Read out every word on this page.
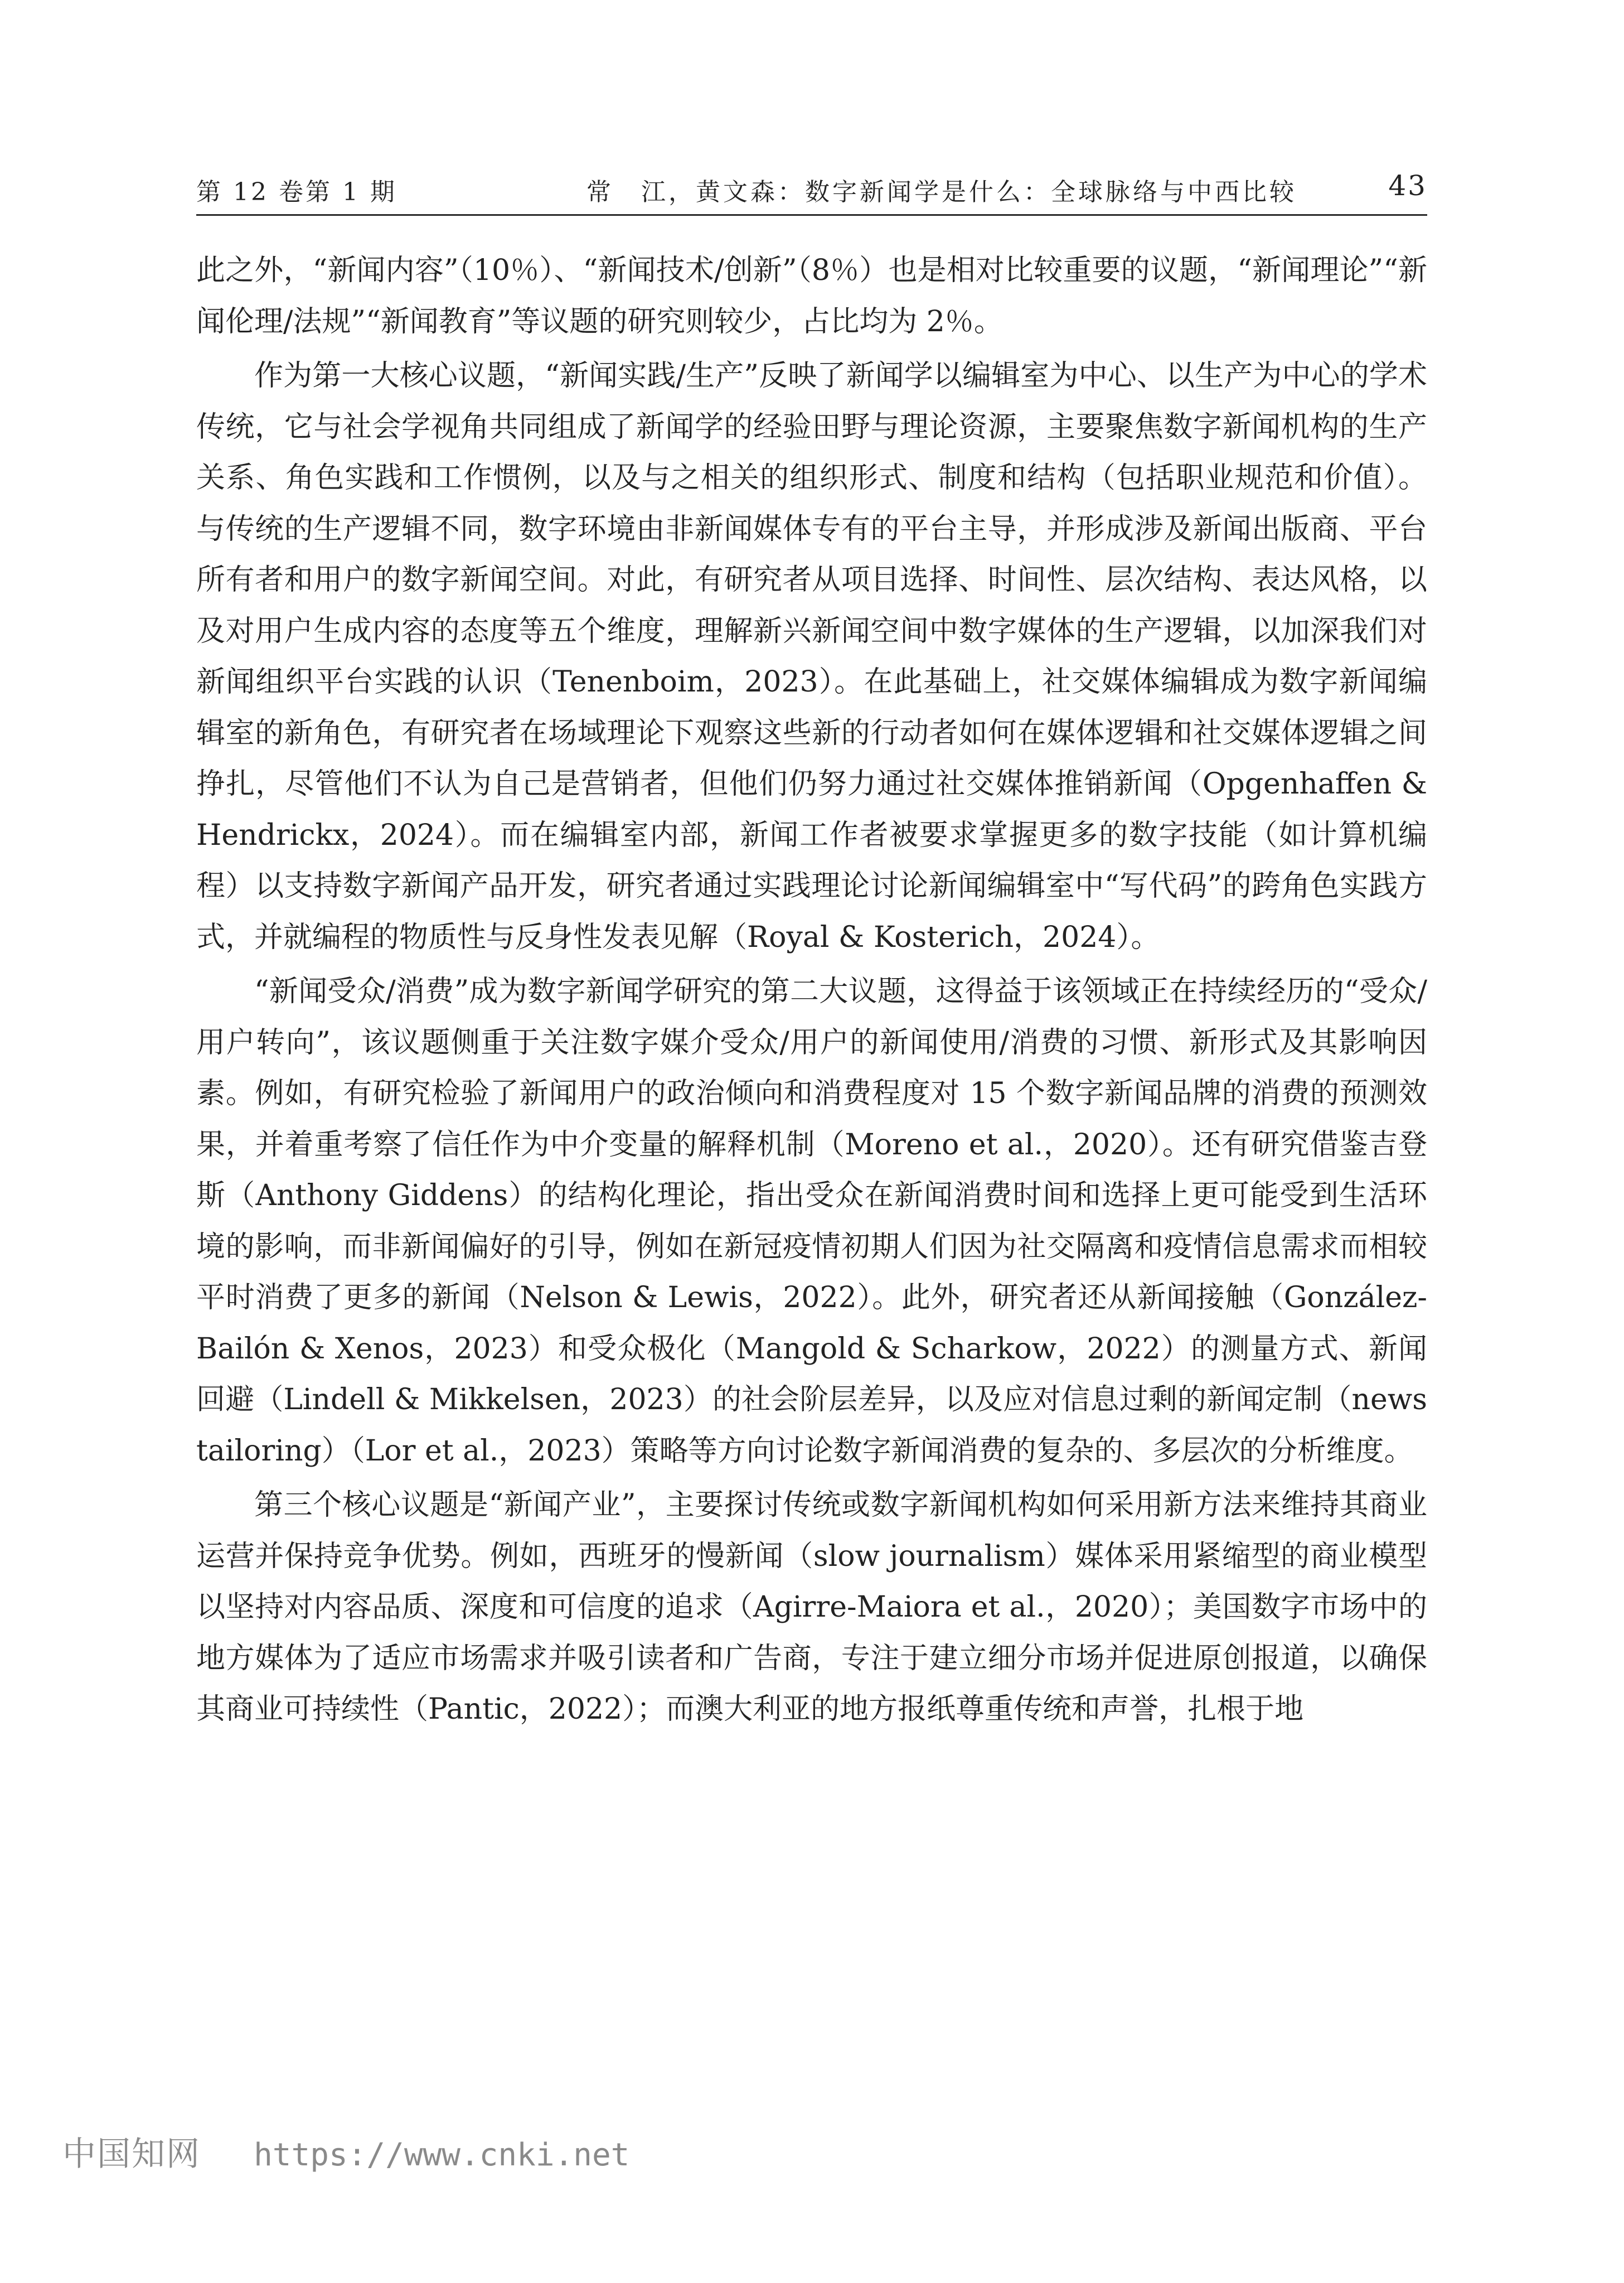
第 12 卷第 1 期	常　江，黄文森：数字新闻学是什么：全球脉络与中西比较	43

此之外，“新闻内容”（10％）、“新闻技术/创新”（8％）也是相对比较重要的议题，“新闻理论”“新闻伦理/法规”“新闻教育”等议题的研究则较少，占比均为 2％。

作为第一大核心议题，“新闻实践/生产”反映了新闻学以编辑室为中心、以生产为中心的学术传统，它与社会学视角共同组成了新闻学的经验田野与理论资源，主要聚焦数字新闻机构的生产关系、角色实践和工作惯例，以及与之相关的组织形式、制度和结构（包括职业规范和价值）。与传统的生产逻辑不同，数字环境由非新闻媒体专有的平台主导，并形成涉及新闻出版商、平台所有者和用户的数字新闻空间。对此，有研究者从项目选择、时间性、层次结构、表达风格，以及对用户生成内容的态度等五个维度，理解新兴新闻空间中数字媒体的生产逻辑，以加深我们对新闻组织平台实践的认识（Tenenboim，2023）。在此基础上，社交媒体编辑成为数字新闻编辑室的新角色，有研究者在场域理论下观察这些新的行动者如何在媒体逻辑和社交媒体逻辑之间挣扎，尽管他们不认为自己是营销者，但他们仍努力通过社交媒体推销新闻（Opgenhaffen & Hendrickx，2024）。而在编辑室内部，新闻工作者被要求掌握更多的数字技能（如计算机编程）以支持数字新闻产品开发，研究者通过实践理论讨论新闻编辑室中“写代码”的跨角色实践方式，并就编程的物质性与反身性发表见解（Royal & Kosterich，2024）。

“新闻受众/消费”成为数字新闻学研究的第二大议题，这得益于该领域正在持续经历的“受众/用户转向”，该议题侧重于关注数字媒介受众/用户的新闻使用/消费的习惯、新形式及其影响因素。例如，有研究检验了新闻用户的政治倾向和消费程度对 15 个数字新闻品牌的消费的预测效果，并着重考察了信任作为中介变量的解释机制（Moreno et al.，2020）。还有研究借鉴吉登斯（Anthony Giddens）的结构化理论，指出受众在新闻消费时间和选择上更可能受到生活环境的影响，而非新闻偏好的引导，例如在新冠疫情初期人们因为社交隔离和疫情信息需求而相较平时消费了更多的新闻（Nelson & Lewis，2022）。此外，研究者还从新闻接触（González-Bailón & Xenos，2023）和受众极化（Mangold & Scharkow，2022）的测量方式、新闻回避（Lindell & Mikkelsen，2023）的社会阶层差异，以及应对信息过剩的新闻定制（news tailoring）（Lor et al.，2023）策略等方向讨论数字新闻消费的复杂的、多层次的分析维度。

第三个核心议题是“新闻产业”，主要探讨传统或数字新闻机构如何采用新方法来维持其商业运营并保持竞争优势。例如，西班牙的慢新闻（slow journalism）媒体采用紧缩型的商业模型以坚持对内容品质、深度和可信度的追求（Agirre-Maiora et al.，2020）；美国数字市场中的地方媒体为了适应市场需求并吸引读者和广告商，专注于建立细分市场并促进原创报道，以确保其商业可持续性（Pantic，2022）；而澳大利亚的地方报纸尊重传统和声誉，扎根于地

中国知网 https://www.cnki.net
